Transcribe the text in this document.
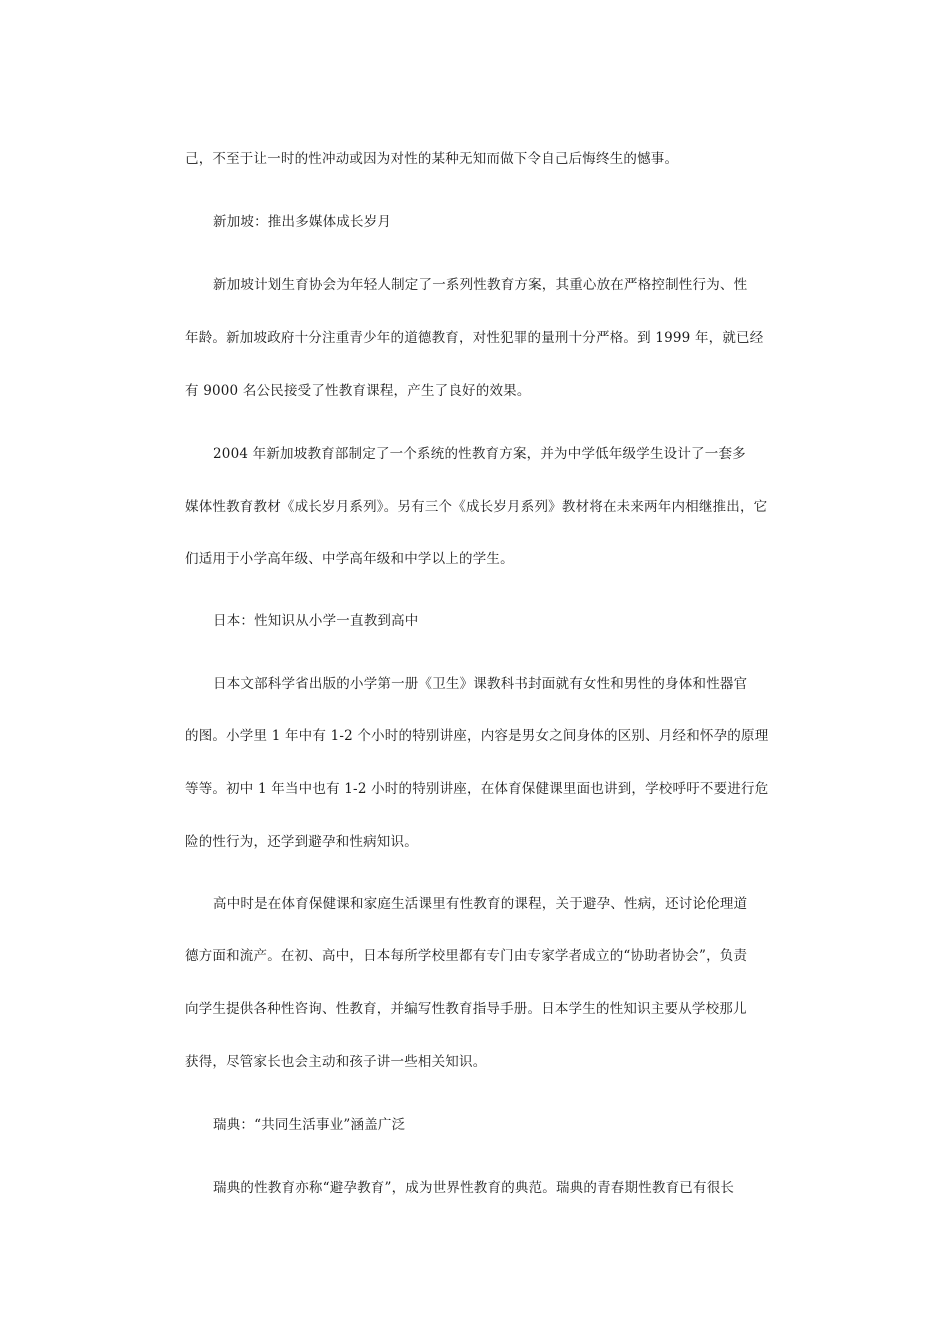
己，不至于让一时的性冲动或因为对性的某种无知而做下令自己后悔终生的憾事。
新加坡：推出多媒体成长岁月
新加坡计划生育协会为年轻人制定了一系列性教育方案，其重心放在严格控制性行为、性
年龄。新加坡政府十分注重青少年的道德教育，对性犯罪的量刑十分严格。到 1999 年，就已经
有 9000 名公民接受了性教育课程，产生了良好的效果。
2004 年新加坡教育部制定了一个系统的性教育方案，并为中学低年级学生设计了一套多
媒体性教育教材《成长岁月系列》。另有三个《成长岁月系列》教材将在未来两年内相继推出，它
们适用于小学高年级、中学高年级和中学以上的学生。
日本：性知识从小学一直教到高中
日本文部科学省出版的小学第一册《卫生》课教科书封面就有女性和男性的身体和性器官
的图。小学里 1 年中有 1-2 个小时的特别讲座，内容是男女之间身体的区别、月经和怀孕的原理
等等。初中 1 年当中也有 1-2 小时的特别讲座，在体育保健课里面也讲到，学校呼吁不要进行危
险的性行为，还学到避孕和性病知识。
高中时是在体育保健课和家庭生活课里有性教育的课程，关于避孕、性病，还讨论伦理道
德方面和流产。在初、高中，日本每所学校里都有专门由专家学者成立的“协助者协会”，负责
向学生提供各种性咨询、性教育，并编写性教育指导手册。日本学生的性知识主要从学校那儿
获得，尽管家长也会主动和孩子讲一些相关知识。
瑞典：“共同生活事业”涵盖广泛
瑞典的性教育亦称“避孕教育”，成为世界性教育的典范。瑞典的青春期性教育已有很长
